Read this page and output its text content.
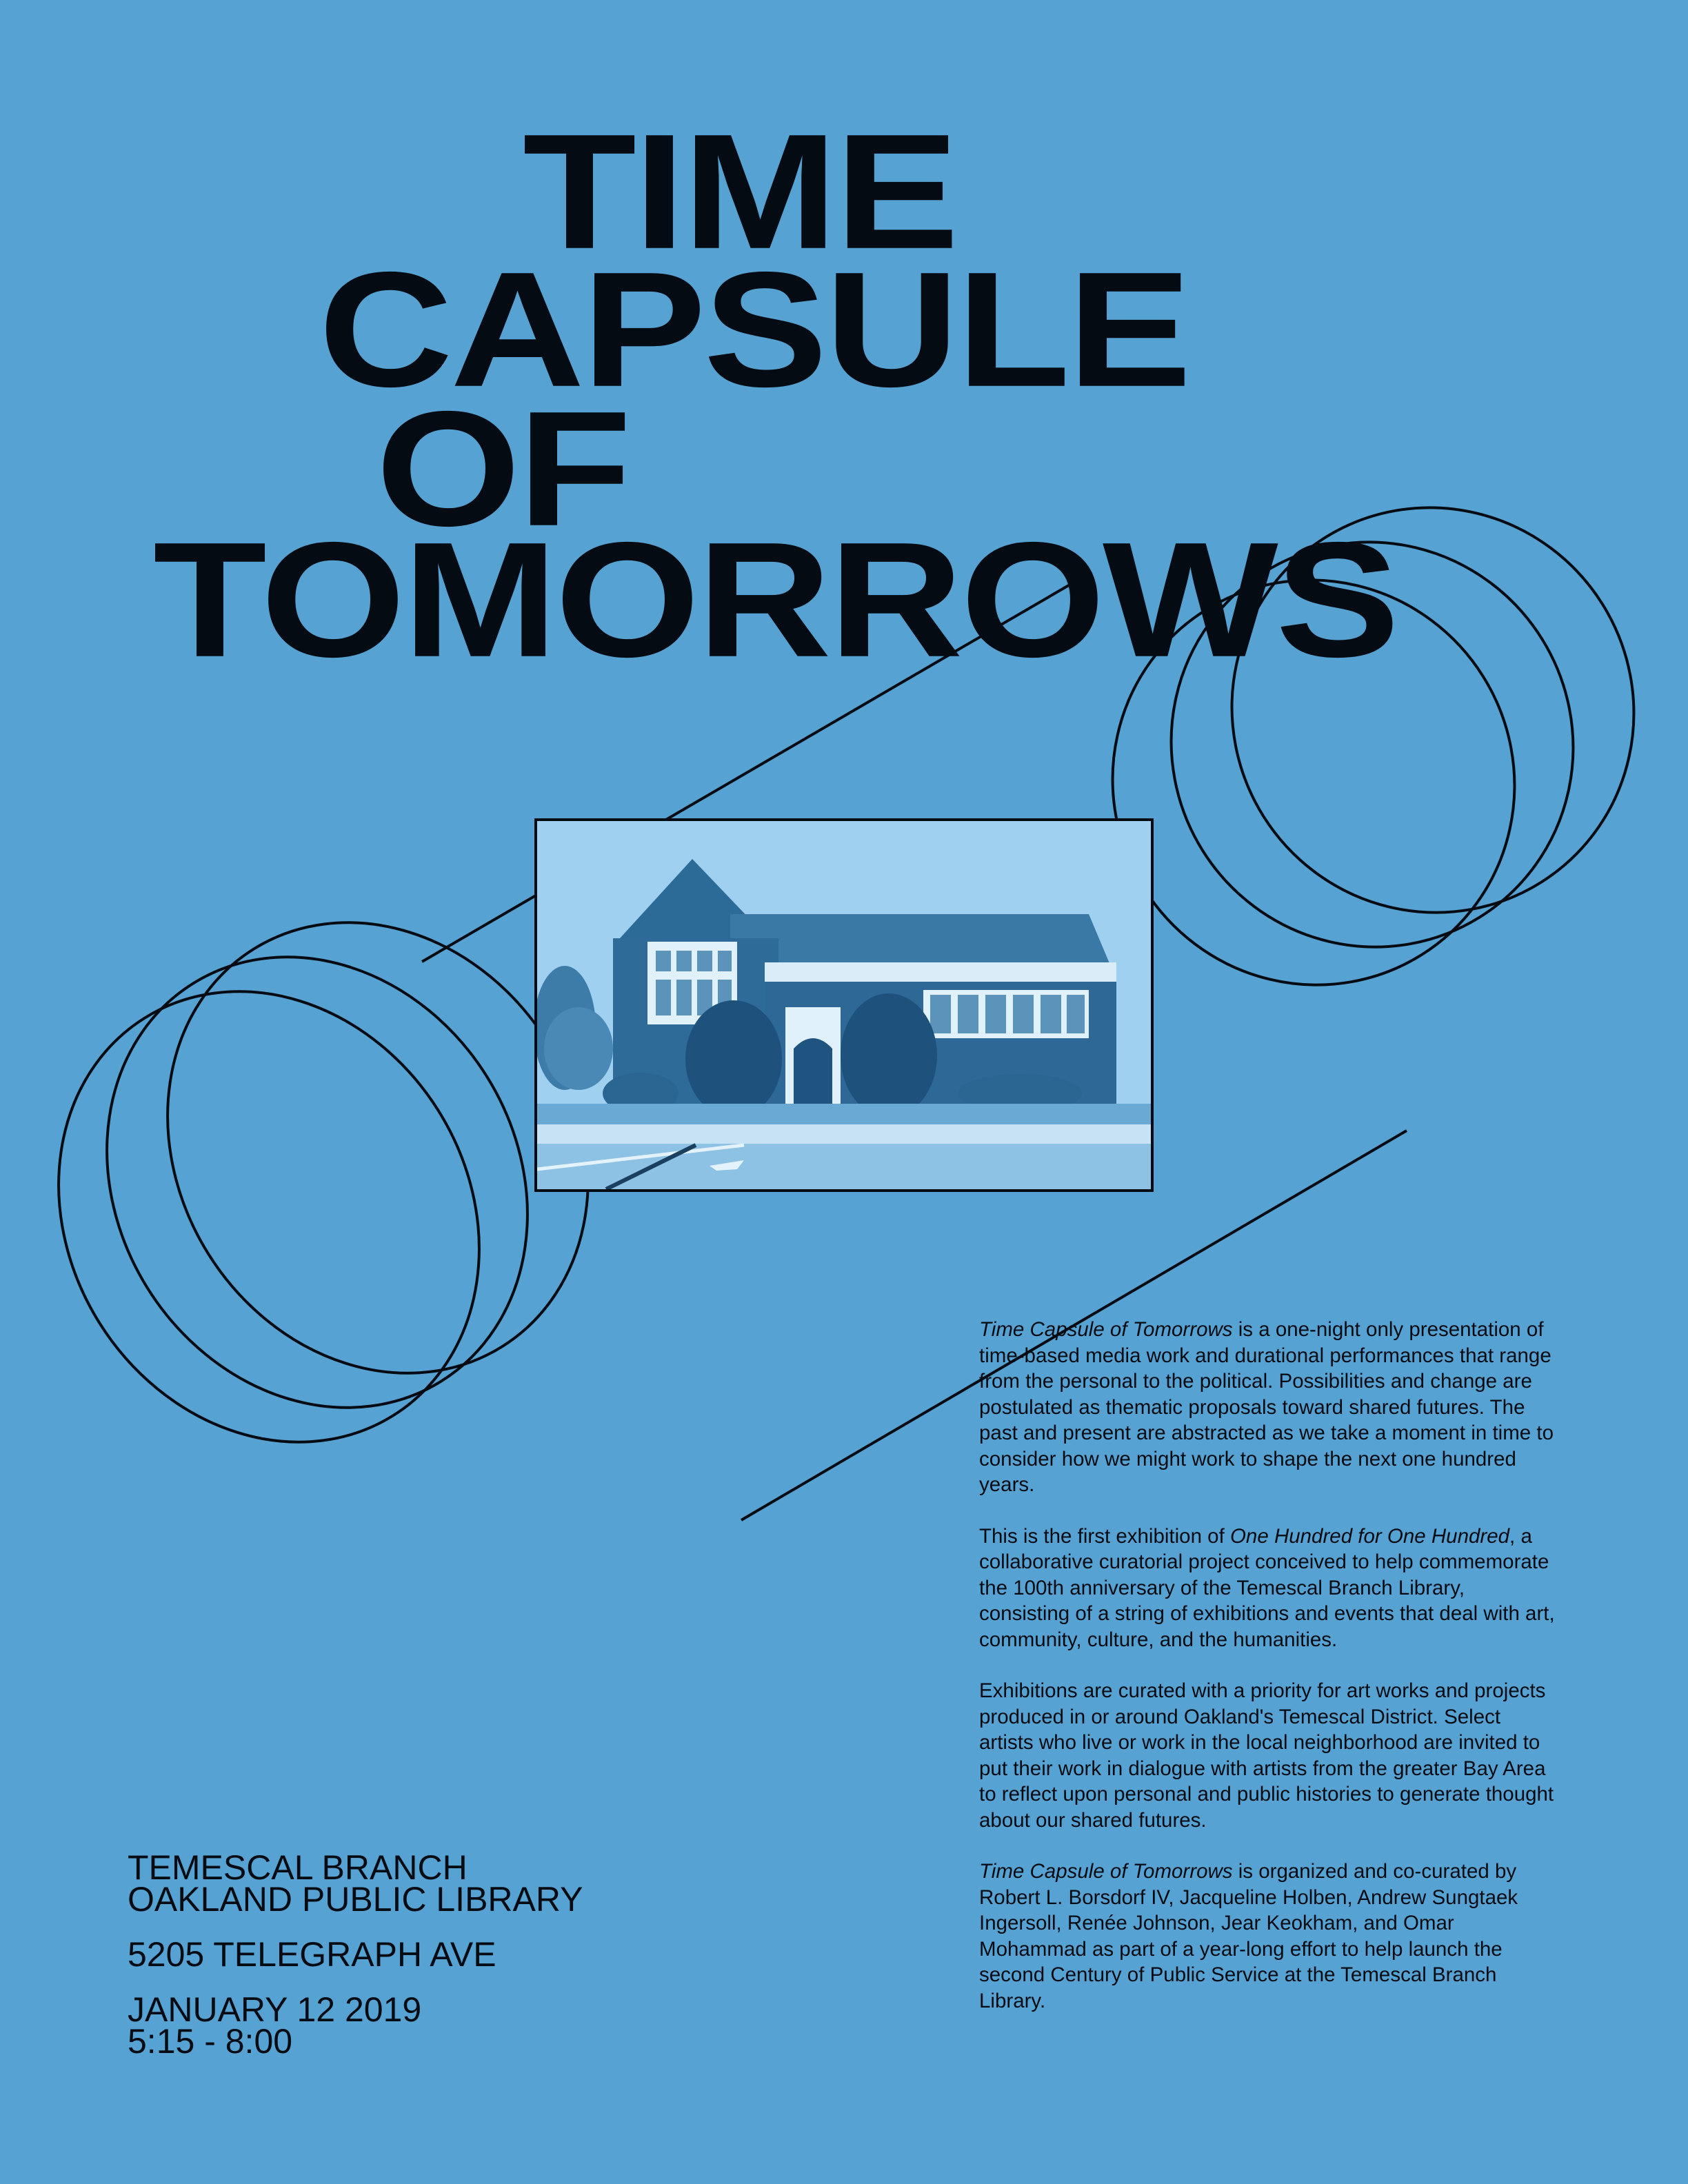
TIME
CAPSULE
OF
TOMORROWS

Time Capsule of Tomorrows is a one-night only presentation of time-based media work and durational performances that range from the personal to the political. Possibilities and change are postulated as thematic proposals toward shared futures. The past and present are abstracted as we take a moment in time to consider how we might work to shape the next one hundred years.

This is the first exhibition of One Hundred for One Hundred, a collaborative curatorial project conceived to help commemorate the 100th anniversary of the Temescal Branch Library, consisting of a string of exhibitions and events that deal with art, community, culture, and the humanities.

Exhibitions are curated with a priority for art works and projects produced in or around Oakland's Temescal District. Select artists who live or work in the local neighborhood are invited to put their work in dialogue with artists from the greater Bay Area to reflect upon personal and public histories to generate thought about our shared futures.

Time Capsule of Tomorrows is organized and co-curated by Robert L. Borsdorf IV, Jacqueline Holben, Andrew Sungtaek Ingersoll, Renée Johnson, Jear Keokham, and Omar Mohammad as part of a year-long effort to help launch the second Century of Public Service at the Temescal Branch Library.

TEMESCAL BRANCH
OAKLAND PUBLIC LIBRARY
5205 TELEGRAPH AVE
JANUARY 12 2019
5:15 - 8:00
